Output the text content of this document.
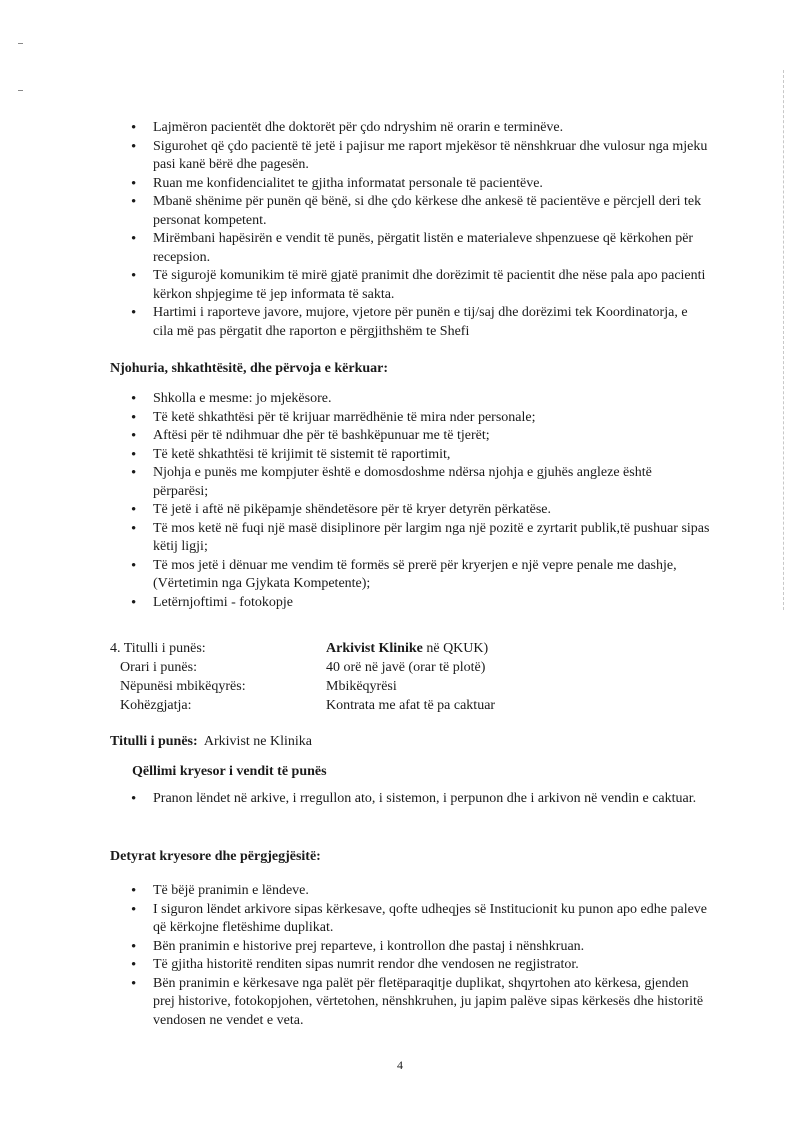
• Lajmëron pacientët dhe doktorët për çdo ndryshim në orarin e terminëve.
• Sigurohet që çdo pacientë të jetë i pajisur me raport mjekësor të nënshkruar dhe vulosur nga mjeku pasi kanë bërë dhe pagesën.
• Ruan me konfidencialitet te gjitha informatat personale të pacientëve.
• Mbanë shënime për punën që bënë, si dhe çdo kërkese dhe ankesë të pacientëve e përcjell deri tek personat kompetent.
• Mirëmbani hapësirën e vendit të punës, përgatit listën e materialeve shpenzuese që kërkohen për recepsion.
• Të sigurojë komunikim të mirë gjatë pranimit dhe dorëzimit të pacientit dhe nëse pala apo pacienti kërkon shpjegime të jep informata të sakta.
• Hartimi i raporteve javore, mujore, vjetore për punën e tij/saj dhe dorëzimi tek Koordinatorja, e cila më pas përgatit dhe raporton e përgjithshëm te Shefi
Njohuria, shkathtësitë, dhe përvoja e kërkuar:
• Shkolla e mesme: jo mjekësore.
• Të ketë shkathtësi për të krijuar marrëdhënie të mira nder personale;
• Aftësi për të ndihmuar dhe për të bashkëpunuar me të tjerët;
• Të ketë shkathtësi të krijimit të sistemit të raportimit,
• Njohja e punës me kompjuter është e domosdoshme ndërsa njohja e gjuhës angleze është përparësi;
• Të jetë i aftë në pikëpamje shëndetësore për të kryer detyrën përkatëse.
• Të mos ketë në fuqi një masë disiplinore për largim nga një pozitë e zyrtarit publik,të pushuar sipas këtij ligji;
• Të mos jetë i dënuar me vendim të formës së prerë për kryerjen e një vepre penale me dashje, (Vërtetimin nga Gjykata Kompetente);
• Letërnjoftimi - fotokopje
4. Titulli i punës:	Arkivist Klinike në QKUK)
Orari i punës:	40 orë në javë (orar të plotë)
Nëpunësi mbikëqyrës:	Mbikëqyrësi
Kohëzgjatja:	Kontrata me afat të pa caktuar
Titulli i punës:  Arkivist ne Klinika
Qëllimi kryesor i vendit të punës
• Pranon lëndet në arkive, i rregullon ato, i sistemon, i perpunon dhe i arkivon në vendin e caktuar.
Detyrat kryesore dhe përgjegjësitë:
• Të bëjë pranimin e lëndeve.
• I siguron lëndet arkivore sipas kërkesave, qofte udheqjes së Institucionit ku punon apo edhe paleve që kërkojne fletëshime duplikat.
• Bën pranimin e historive prej reparteve, i kontrollon dhe pastaj i nënshkruan.
• Të gjitha historitë renditen sipas numrit rendor dhe vendosen ne regjistrator.
• Bën pranimin e kërkesave nga palët për fletëparaqitje duplikat, shqyrtohen ato kërkesa, gjenden prej historive, fotokopjohen, vërtetohen, nënshkruhen, ju japim palëve sipas kërkesës dhe historitë vendosen ne vendet e veta.
4
